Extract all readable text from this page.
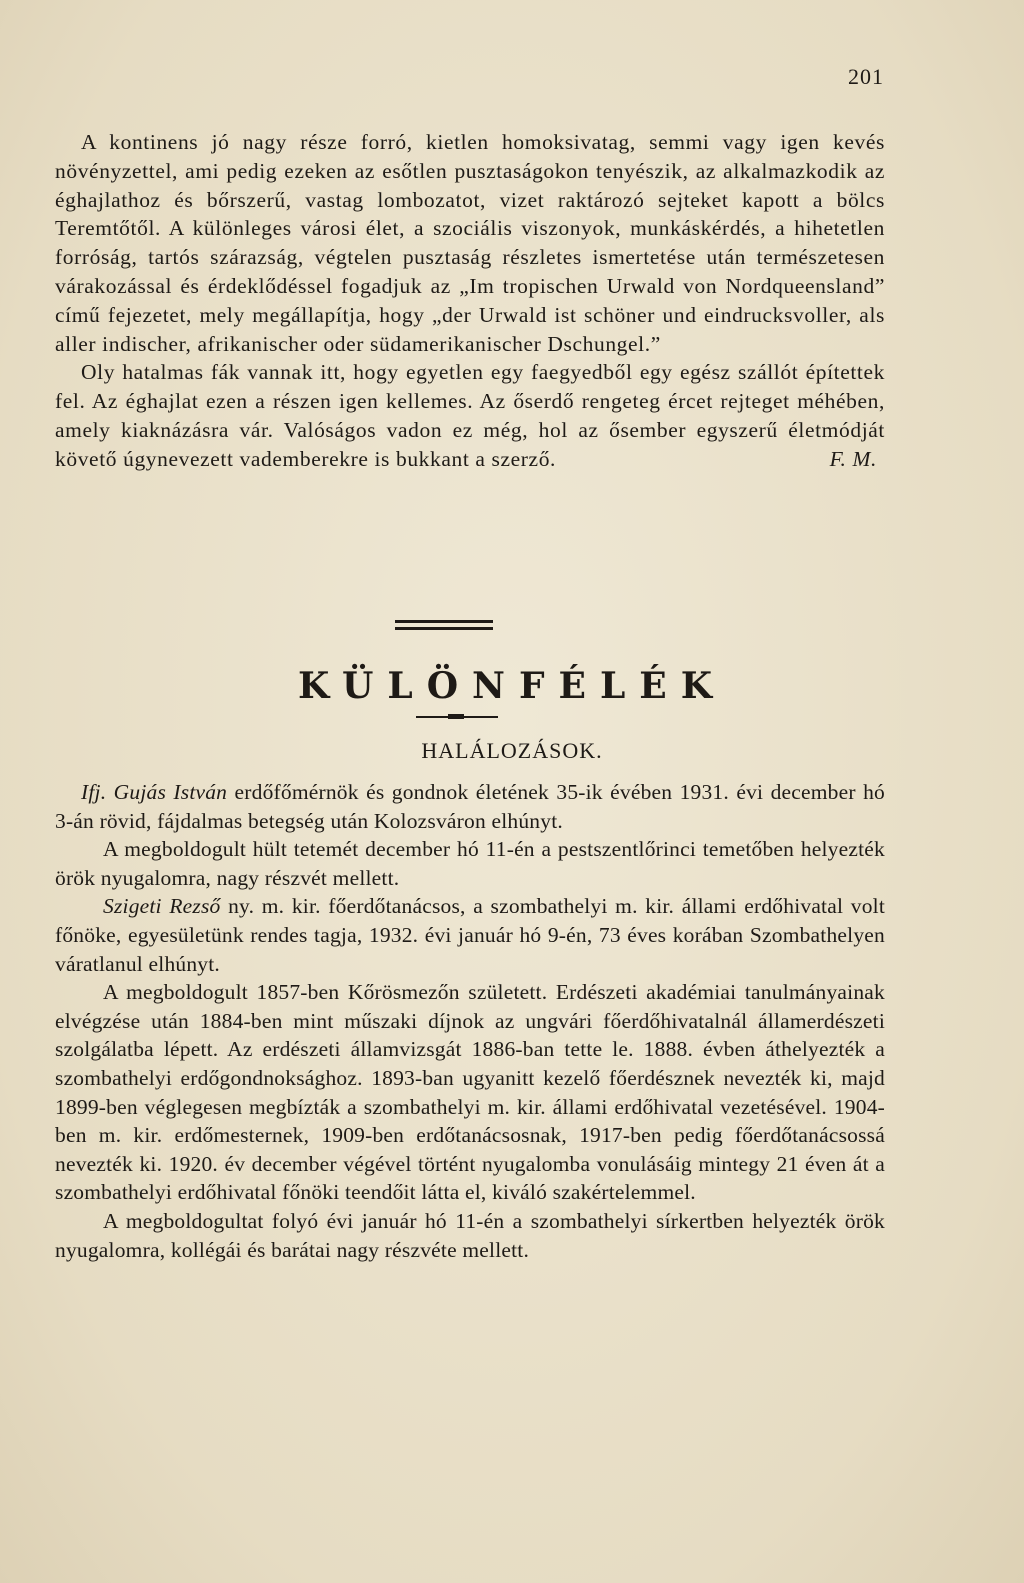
201

A kontinens jó nagy része forró, kietlen homoksivatag, semmi vagy igen kevés növényzettel, ami pedig ezeken az esőtlen pusztaságokon tenyészik, az alkalmazkodik az éghajlathoz és bőrszerű, vastag lombozatot, vizet raktározó sejteket kapott a bölcs Teremtőtől. A különleges városi élet, a szociális viszonyok, munkáskérdés, a hihetetlen forróság, tartós szárazság, végtelen pusztaság részletes ismertetése után természetesen várakozással és érdeklődéssel fogadjuk az „Im tropischen Urwald von Nordqueensland” című fejezetet, mely megállapítja, hogy „der Urwald ist schöner und eindrucksvoller, als aller indischer, afrikanischer oder südamerikanischer Dschungel.”

Oly hatalmas fák vannak itt, hogy egyetlen egy faegyedből egy egész szállót építettek fel. Az éghajlat ezen a részen igen kellemes. Az őserdő rengeteg ércet rejteget méhében, amely kiaknázásra vár. Valóságos vadon ez még, hol az ősember egyszerű életmódját követő úgynevezett vademberekre is bukkant a szerző.	F. M.

KÜLÖNFÉLÉK
HALÁLOZÁSOK.

Ifj. Gujás István erdőfőmérnök és gondnok életének 35-ik évében 1931. évi december hó 3-án rövid, fájdalmas betegség után Kolozsváron elhúnyt.

A megboldogult hült tetemét december hó 11-én a pestszentlőrinci temetőben helyezték örök nyugalomra, nagy részvét mellett.

Szigeti Rezső ny. m. kir. főerdőtanácsos, a szombathelyi m. kir. állami erdőhivatal volt főnöke, egyesületünk rendes tagja, 1932. évi január hó 9-én, 73 éves korában Szombathelyen váratlanul elhúnyt.

A megboldogult 1857-ben Kőrösmezőn született. Erdészeti akadémiai tanulmányainak elvégzése után 1884-ben mint műszaki díjnok az ungvári főerdőhivatalnál államerdészeti szolgálatba lépett. Az erdészeti államvizsgát 1886-ban tette le. 1888. évben áthelyezték a szombathelyi erdőgondnoksághoz. 1893-ban ugyanitt kezelő főerdésznek nevezték ki, majd 1899-ben véglegesen megbízták a szombathelyi m. kir. állami erdőhivatal vezetésével. 1904-ben m. kir. erdőmesternek, 1909-ben erdőtanácsosnak, 1917-ben pedig főerdőtanácsossá nevezték ki. 1920. év december végével történt nyugalomba vonulásáig mintegy 21 éven át a szombathelyi erdőhivatal főnöki teendőit látta el, kiváló szakértelemmel.

A megboldogultat folyó évi január hó 11-én a szombathelyi sírkertben helyezték örök nyugalomra, kollégái és barátai nagy részvéte mellett.
